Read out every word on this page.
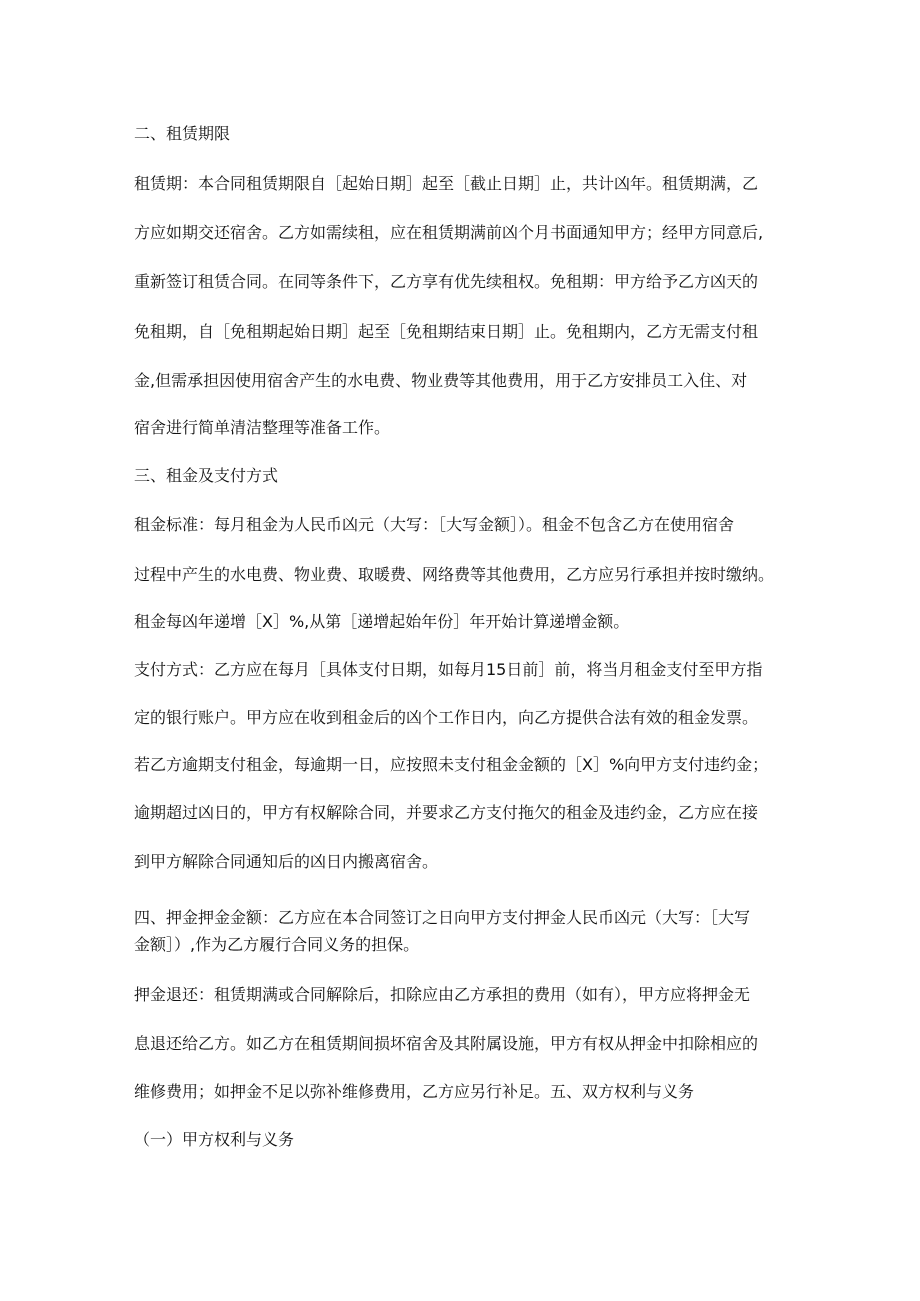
二、租赁期限
租赁期：本合同租赁期限自［起始日期］起至［截止日期］止，共计凶年。租赁期满，乙
方应如期交还宿舍。乙方如需续租，应在租赁期满前凶个月书面通知甲方；经甲方同意后,
重新签订租赁合同。在同等条件下，乙方享有优先续租权。免租期：甲方给予乙方凶天的
免租期，自［免租期起始日期］起至［免租期结束日期］止。免租期内，乙方无需支付租
金,但需承担因使用宿舍产生的水电费、物业费等其他费用，用于乙方安排员工入住、对
宿舍进行简单清洁整理等准备工作。
三、租金及支付方式
租金标准：每月租金为人民币凶元（大写：［大写金额］）。租金不包含乙方在使用宿舍
过程中产生的水电费、物业费、取暖费、网络费等其他费用，乙方应另行承担并按时缴纳。
租金每凶年递增［X］%,从第［递增起始年份］年开始计算递增金额。
支付方式：乙方应在每月［具体支付日期，如每月15日前］前，将当月租金支付至甲方指
定的银行账户。甲方应在收到租金后的凶个工作日内，向乙方提供合法有效的租金发票。
若乙方逾期支付租金，每逾期一日，应按照未支付租金金额的［X］%向甲方支付违约金；
逾期超过凶日的，甲方有权解除合同，并要求乙方支付拖欠的租金及违约金，乙方应在接
到甲方解除合同通知后的凶日内搬离宿舍。
四、押金押金金额：乙方应在本合同签订之日向甲方支付押金人民币凶元（大写：［大写
金额］）,作为乙方履行合同义务的担保。
押金退还：租赁期满或合同解除后，扣除应由乙方承担的费用（如有），甲方应将押金无
息退还给乙方。如乙方在租赁期间损坏宿舍及其附属设施，甲方有权从押金中扣除相应的
维修费用；如押金不足以弥补维修费用，乙方应另行补足。五、双方权利与义务
（一）甲方权利与义务
